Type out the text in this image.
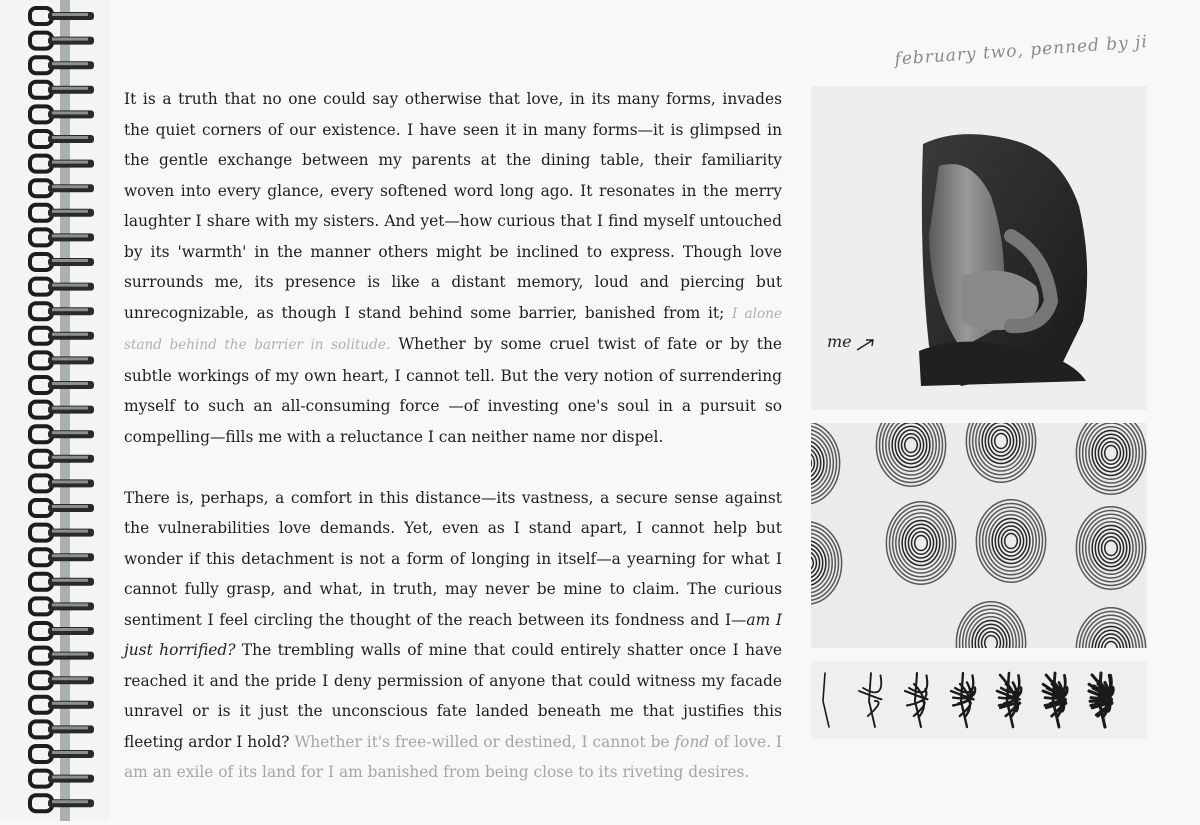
february two, penned by ji

It is a truth that no one could say otherwise that love, in its many forms, invades the quiet corners of our existence. I have seen it in many forms—it is glimpsed in the gentle exchange between my parents at the dining table, their familiarity woven into every glance, every softened word long ago. It resonates in the merry laughter I share with my sisters. And yet—how curious that I find myself untouched by its 'warmth' in the manner others might be inclined to express. Though love surrounds me, its presence is like a distant memory, loud and piercing but unrecognizable, as though I stand behind some barrier, banished from it; I alone stand behind the barrier in solitude. Whether by some cruel twist of fate or by the subtle workings of my own heart, I cannot tell. But the very notion of surrendering myself to such an all-consuming force —of investing one's soul in a pursuit so compelling—fills me with a reluctance I can neither name nor dispel.

There is, perhaps, a comfort in this distance—its vastness, a secure sense against the vulnerabilities love demands. Yet, even as I stand apart, I cannot help but wonder if this detachment is not a form of longing in itself—a yearning for what I cannot fully grasp, and what, in truth, may never be mine to claim. The curious sentiment I feel circling the thought of the reach between its fondness and I—am I just horrified? The trembling walls of mine that could entirely shatter once I have reached it and the pride I deny permission of anyone that could witness my facade unravel or is it just the unconscious fate landed beneath me that justifies this fleeting ardor I hold? Whether it's free-willed or destined, I cannot be fond of love. I am an exile of its land for I am banished from being close to its riveting desires.

me
